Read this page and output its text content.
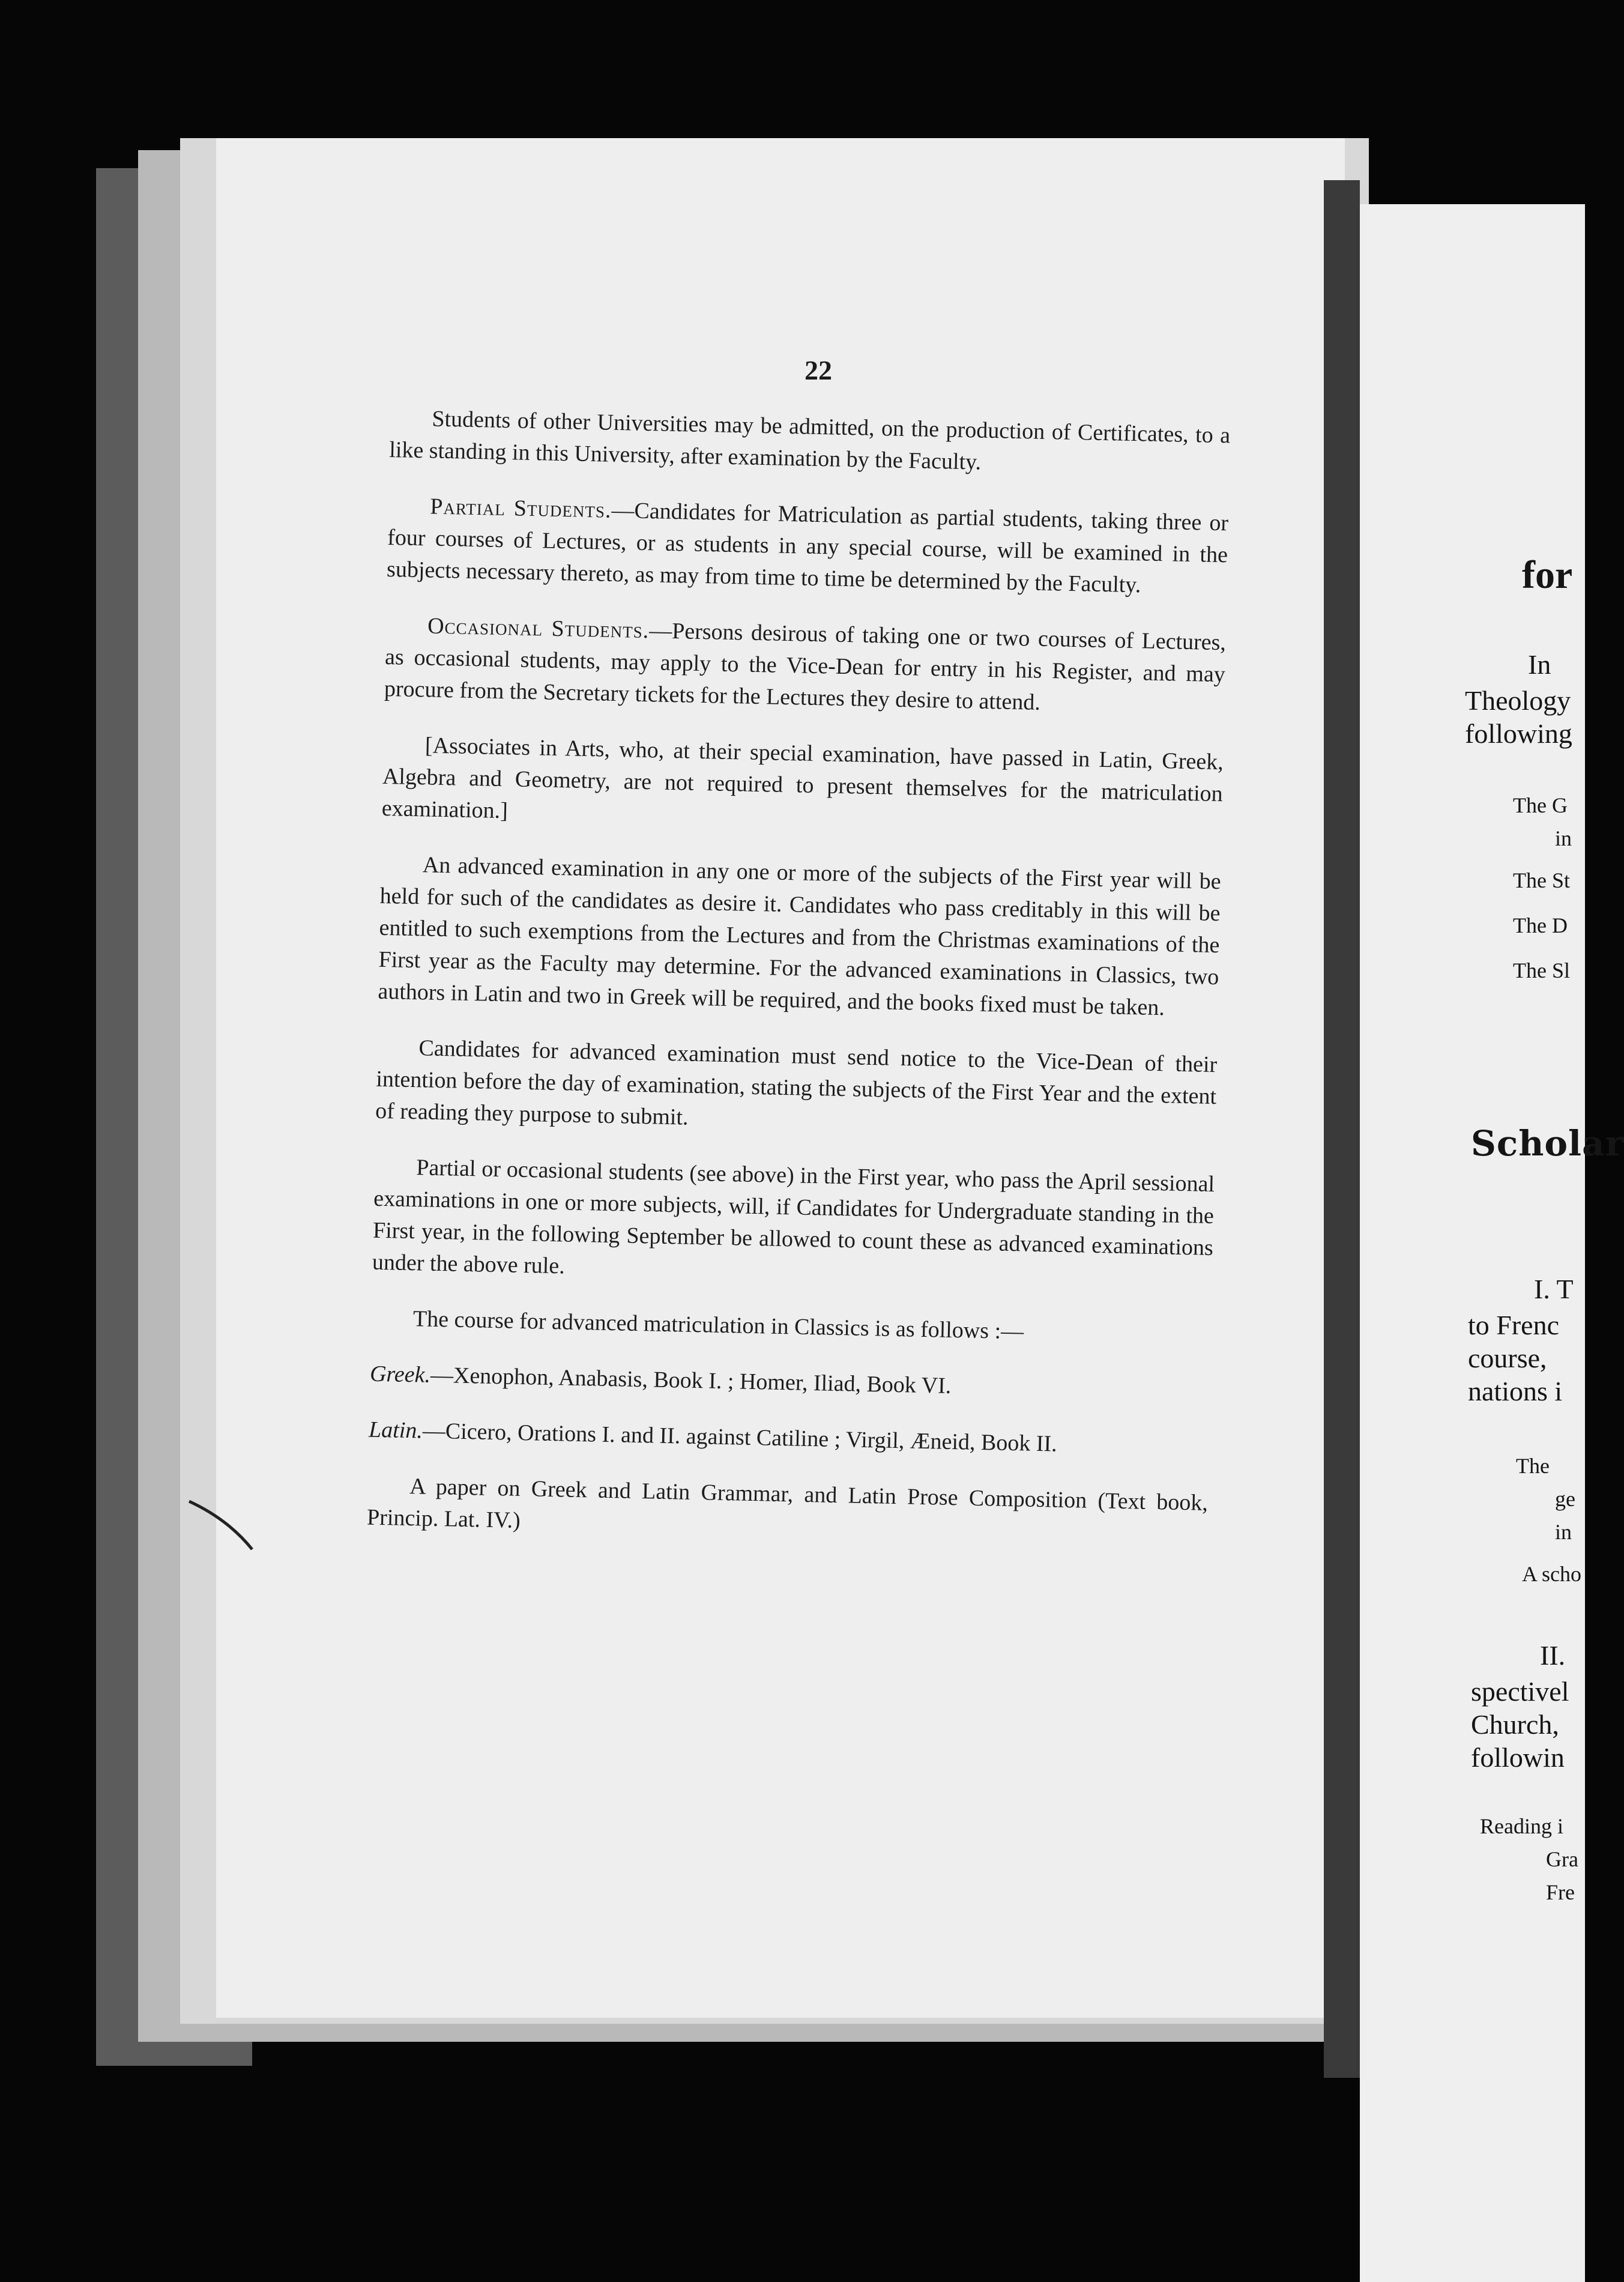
22

Students of other Universities may be admitted, on the production of Certificates, to a like standing in this University, after examination by the Faculty.

Partial Students.—Candidates for Matriculation as partial students, taking three or four courses of Lectures, or as students in any special course, will be examined in the subjects necessary thereto, as may from time to time be determined by the Faculty.

Occasional Students.—Persons desirous of taking one or two courses of Lectures, as occasional students, may apply to the Vice-Dean for entry in his Register, and may procure from the Secretary tickets for the Lectures they desire to attend.

[Associates in Arts, who, at their special examination, have passed in Latin, Greek, Algebra and Geometry, are not required to present themselves for the matriculation examination.]

An advanced examination in any one or more of the subjects of the First year will be held for such of the candidates as desire it. Candidates who pass creditably in this will be entitled to such exemptions from the Lectures and from the Christmas examinations of the First year as the Faculty may determine. For the advanced examinations in Classics, two authors in Latin and two in Greek will be required, and the books fixed must be taken.

Candidates for advanced examination must send notice to the Vice-Dean of their intention before the day of examination, stating the subjects of the First Year and the extent of reading they purpose to submit.

Partial or occasional students (see above) in the First year, who pass the April sessional examinations in one or more subjects, will, if Candidates for Undergraduate standing in the First year, in the following September be allowed to count these as advanced examinations under the above rule.

The course for advanced matriculation in Classics is as follows :—

Greek.—Xenophon, Anabasis, Book I. ; Homer, Iliad, Book VI.

Latin.—Cicero, Orations I. and II. against Catiline ; Virgil, Æneid, Book II.

A paper on Greek and Latin Grammar, and Latin Prose Composition (Text book, Princip. Lat. IV.)

for
In
Theology
following
The G
in
The St
The D
The Sl
Scholar
I. T
to Frenc
course,
nations i
The
ge
in
A scho
II.
spectivel
Church,
followin
Reading i
Gra
Fre
